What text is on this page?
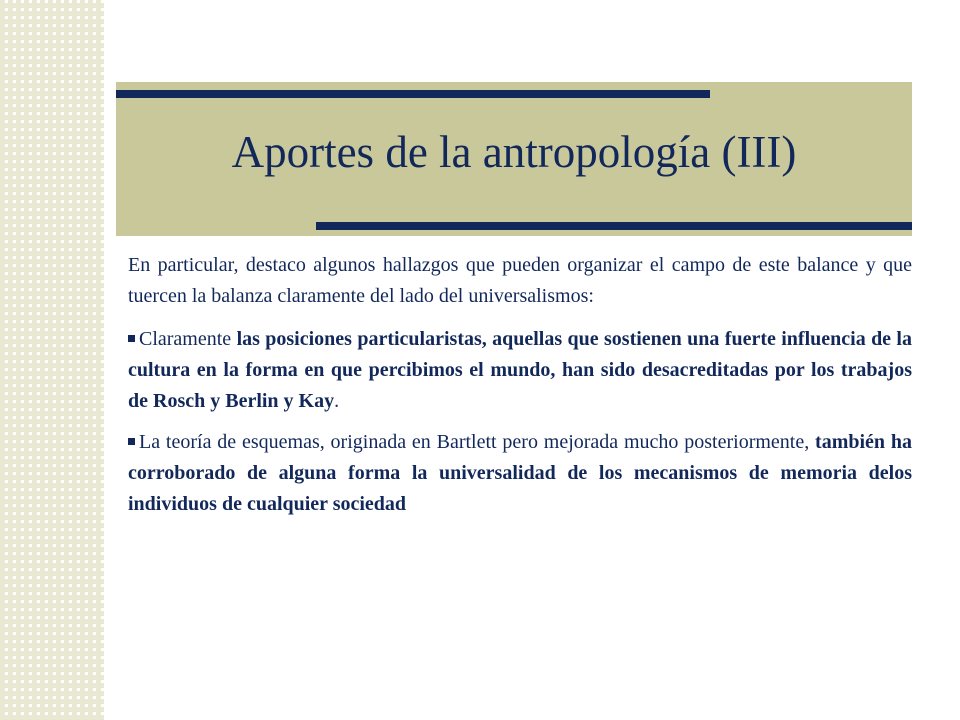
Aportes de la antropología (III)

En particular, destaco algunos hallazgos que pueden organizar el campo de este balance y que tuercen la balanza claramente del lado del universalismos:

Claramente las posiciones particularistas, aquellas que sostienen una fuerte influencia de la cultura en la forma en que percibimos el mundo, han sido desacreditadas por los trabajos de Rosch y Berlin y Kay.

La teoría de esquemas, originada en Bartlett pero mejorada mucho posteriormente, también ha corroborado de alguna forma la universalidad de los mecanismos de memoria delos individuos de cualquier sociedad
